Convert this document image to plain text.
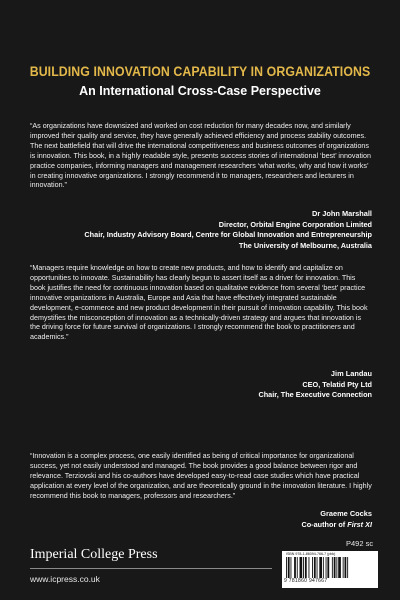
BUILDING INNOVATION CAPABILITY IN ORGANIZATIONS
An International Cross-Case Perspective
“As organizations have downsized and worked on cost reduction for many decades now, and similarly improved their quality and service, they have generally achieved efficiency and process stability outcomes. The next battlefield that will drive the international competitiveness and business outcomes of organizations is innovation. This book, in a highly readable style, presents success stories of international ‘best’ innovation practice companies, informing managers and management researchers ‘what works, why and how it works’ in creating innovative organizations. I strongly recommend it to managers, researchers and lecturers in innovation.”
Dr John Marshall
Director, Orbital Engine Corporation Limited
Chair, Industry Advisory Board, Centre for Global Innovation and Entrepreneurship
The University of Melbourne, Australia
“Managers require knowledge on how to create new products, and how to identify and capitalize on opportunities to innovate. Sustainability has clearly begun to assert itself as a driver for innovation. This book justifies the need for continuous innovation based on qualitative evidence from several ‘best’ practice innovative organizations in Australia, Europe and Asia that have effectively integrated sustainable development, e-commerce and new product development in their pursuit of innovation capability. This book demystifies the misconception of innovation as a technically-driven strategy and argues that innovation is the driving force for future survival of organizations. I strongly recommend the book to practitioners and academics.”
Jim Landau
CEO, Telatid Pty Ltd
Chair, The Executive Connection
“Innovation is a complex process, one easily identified as being of critical importance for organizational success, yet not easily understood and managed. The book provides a good balance between rigor and relevance. Terziovski and his co-authors have developed easy-to-read case studies which have practical application at every level of the organization, and are theoretically ground in the innovation literature. I highly recommend this book to managers, professors and researchers.”
Graeme Cocks
Co-author of First XI
P492 sc
Imperial College Press
www.icpress.co.uk
ISBN 978-1-86094-766-7 (pbk)
9 781860 947667
